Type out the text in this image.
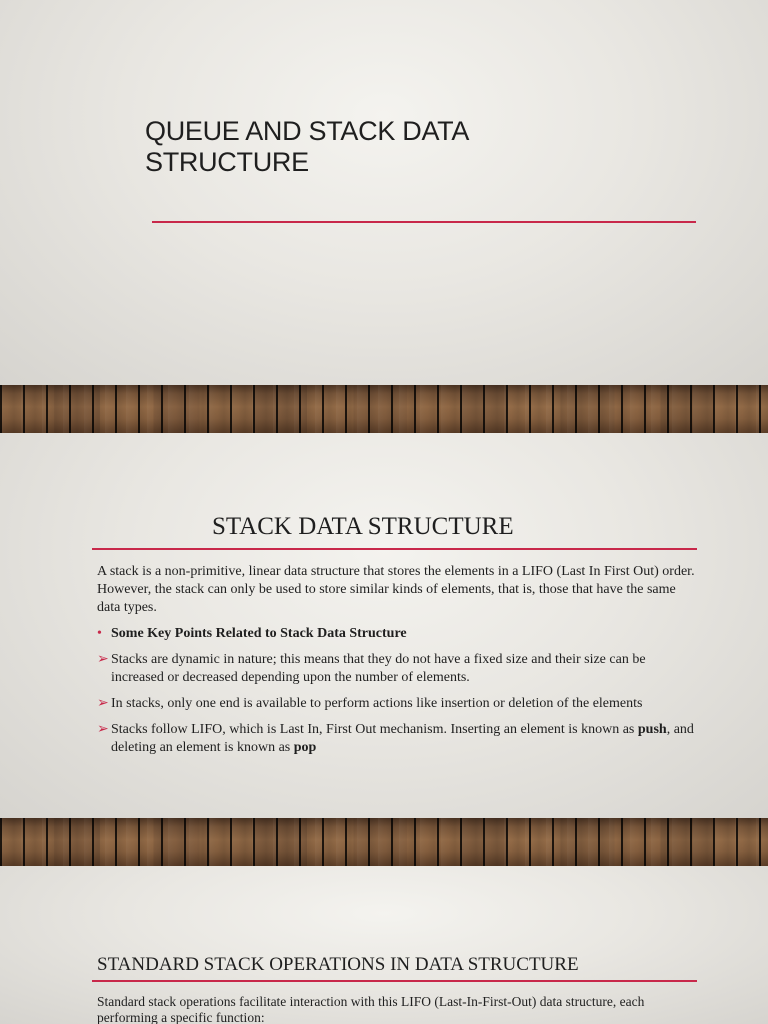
QUEUE AND STACK DATA
STRUCTURE
STACK DATA STRUCTURE

A stack is a non-primitive, linear data structure that stores the elements in a LIFO (Last In First Out) order. However, the stack can only be used to store similar kinds of elements, that is, those that have the same data types.

• Some Key Points Related to Stack Data Structure
➢ Stacks are dynamic in nature; this means that they do not have a fixed size and their size can be increased or decreased depending upon the number of elements.
➢ In stacks, only one end is available to perform actions like insertion or deletion of the elements
➢ Stacks follow LIFO, which is Last In, First Out mechanism. Inserting an element is known as push, and deleting an element is known as pop
STANDARD STACK OPERATIONS IN DATA STRUCTURE

Standard stack operations facilitate interaction with this LIFO (Last-In-First-Out) data structure, each performing a specific function:
